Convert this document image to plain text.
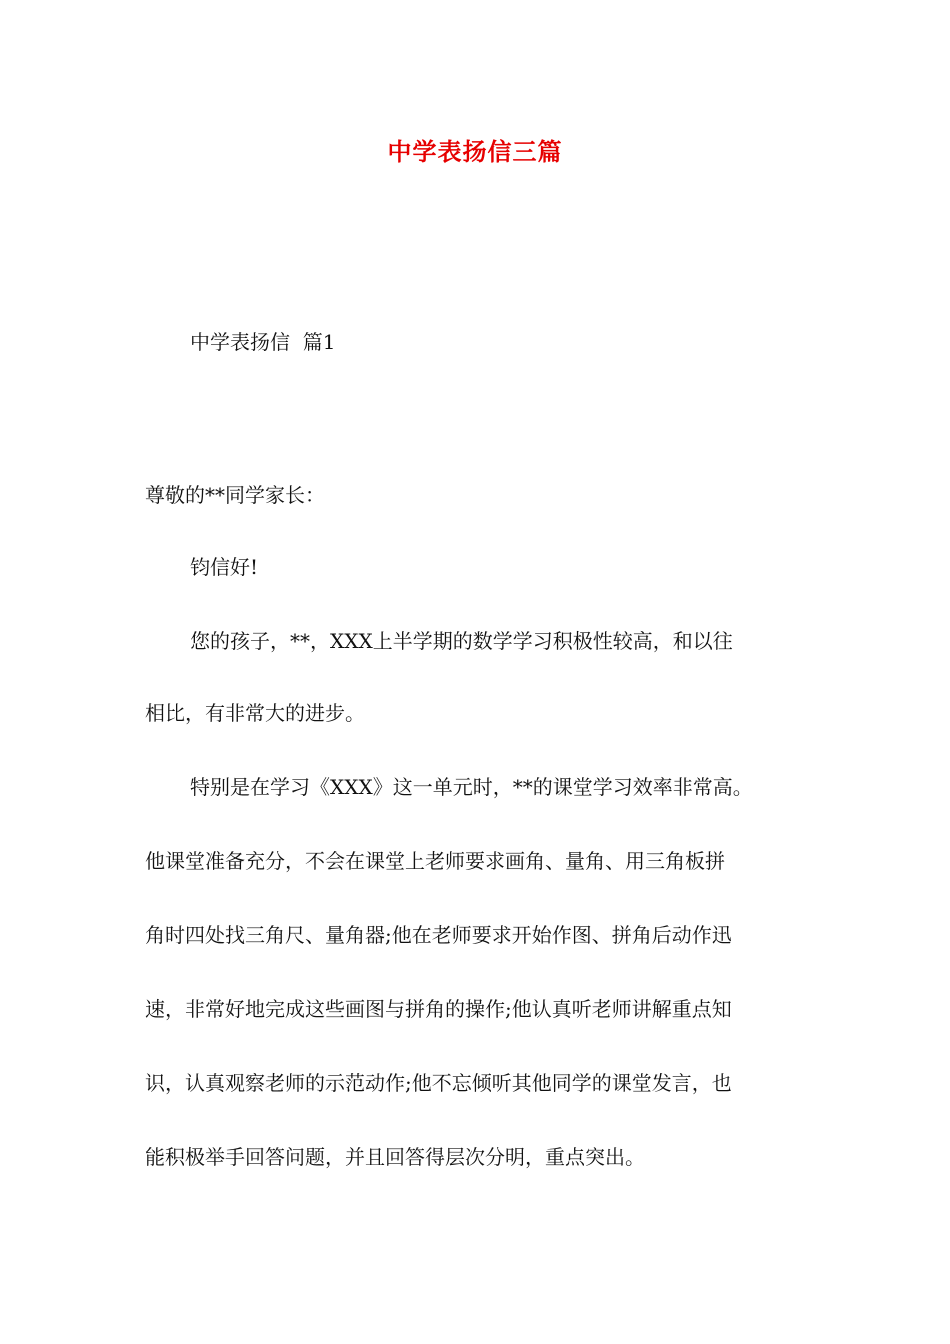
中学表扬信三篇
中学表扬信  篇1
尊敬的**同学家长：
钧信好!
您的孩子，**，XXX上半学期的数学学习积极性较高，和以往
相比，有非常大的进步。
特别是在学习《XXX》这一单元时，**的课堂学习效率非常高。
他课堂准备充分，不会在课堂上老师要求画角、量角、用三角板拼
角时四处找三角尺、量角器;他在老师要求开始作图、拼角后动作迅
速，非常好地完成这些画图与拼角的操作;他认真听老师讲解重点知
识，认真观察老师的示范动作;他不忘倾听其他同学的课堂发言，也
能积极举手回答问题，并且回答得层次分明，重点突出。
